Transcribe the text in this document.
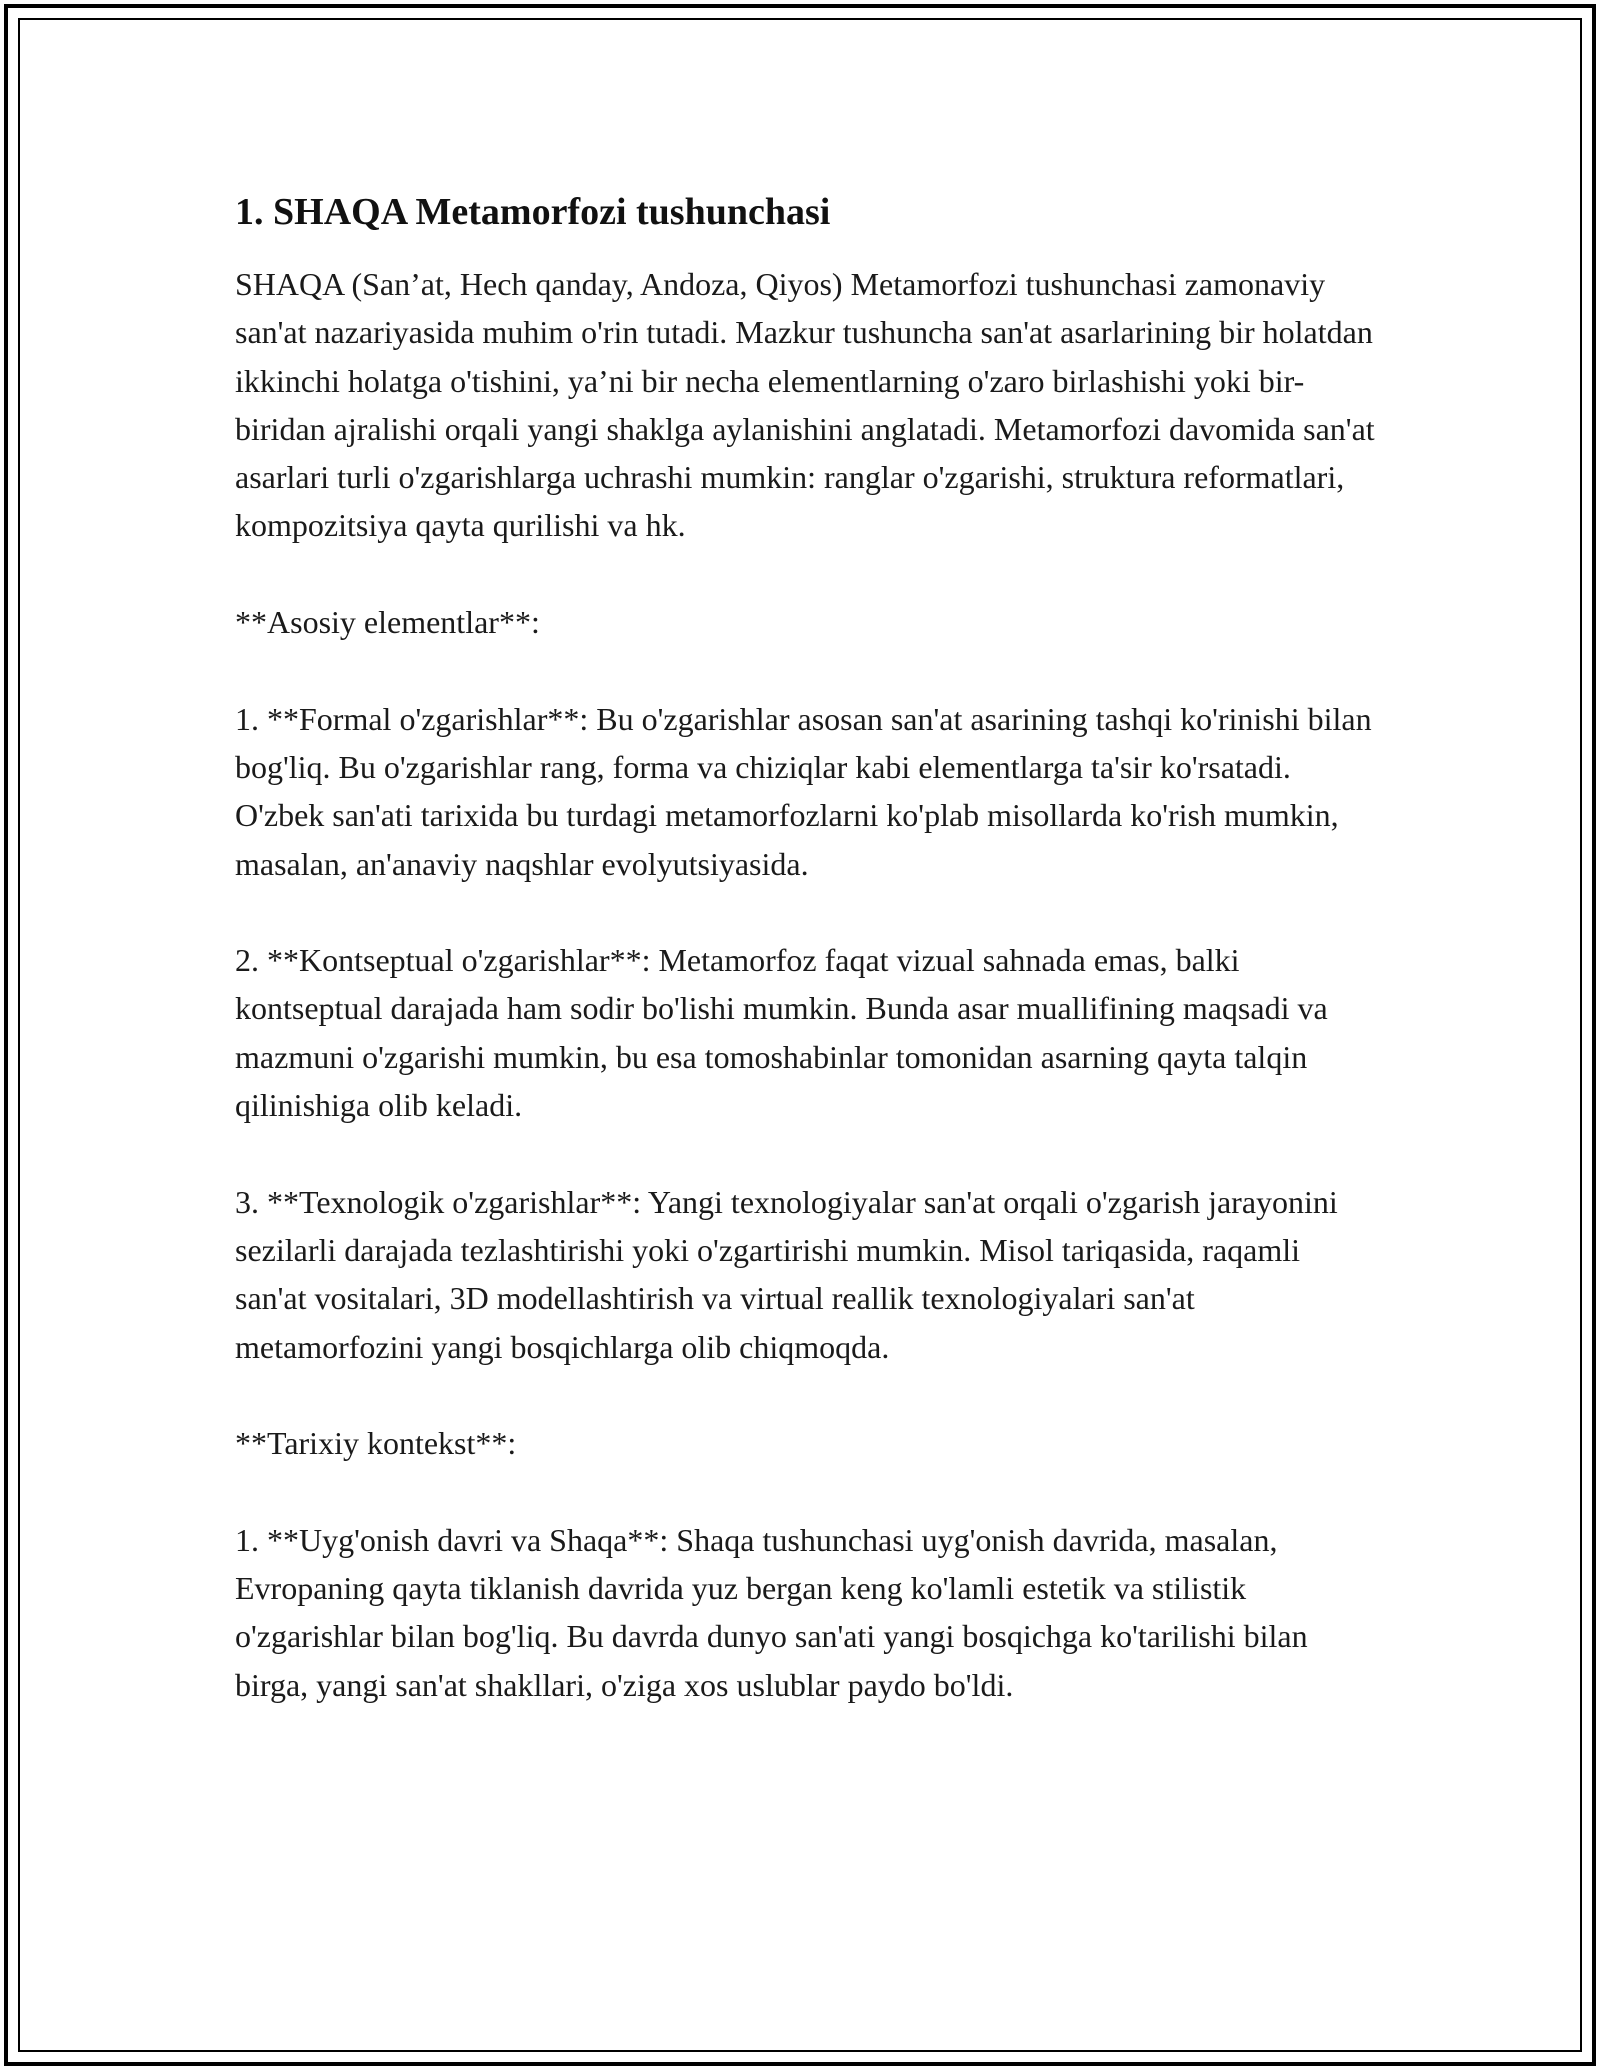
1. SHAQA Metamorfozi tushunchasi

SHAQA (San’at, Hech qanday, Andoza, Qiyos) Metamorfozi tushunchasi zamonaviy san'at nazariyasida muhim o'rin tutadi. Mazkur tushuncha san'at asarlarining bir holatdan ikkinchi holatga o'tishini, ya’ni bir necha elementlarning o'zaro birlashishi yoki bir-biridan ajralishi orqali yangi shaklga aylanishini anglatadi. Metamorfozi davomida san'at asarlari turli o'zgarishlarga uchrashi mumkin: ranglar o'zgarishi, struktura reformatlari, kompozitsiya qayta qurilishi va hk.

**Asosiy elementlar**:

1. **Formal o'zgarishlar**: Bu o'zgarishlar asosan san'at asarining tashqi ko'rinishi bilan bog'liq. Bu o'zgarishlar rang, forma va chiziqlar kabi elementlarga ta'sir ko'rsatadi. O'zbek san'ati tarixida bu turdagi metamorfozlarni ko'plab misollarda ko'rish mumkin, masalan, an'anaviy naqshlar evolyutsiyasida.

2. **Kontseptual o'zgarishlar**: Metamorfoz faqat vizual sahnada emas, balki kontseptual darajada ham sodir bo'lishi mumkin. Bunda asar muallifining maqsadi va mazmuni o'zgarishi mumkin, bu esa tomoshabinlar tomonidan asarning qayta talqin qilinishiga olib keladi.

3. **Texnologik o'zgarishlar**: Yangi texnologiyalar san'at orqali o'zgarish jarayonini sezilarli darajada tezlashtirishi yoki o'zgartirishi mumkin. Misol tariqasida, raqamli san'at vositalari, 3D modellashtirish va virtual reallik texnologiyalari san'at metamorfozini yangi bosqichlarga olib chiqmoqda.

**Tarixiy kontekst**:

1. **Uyg'onish davri va Shaqa**: Shaqa tushunchasi uyg'onish davrida, masalan, Evropaning qayta tiklanish davrida yuz bergan keng ko'lamli estetik va stilistik o'zgarishlar bilan bog'liq. Bu davrda dunyo san'ati yangi bosqichga ko'tarilishi bilan birga, yangi san'at shakllari, o'ziga xos uslublar paydo bo'ldi.
